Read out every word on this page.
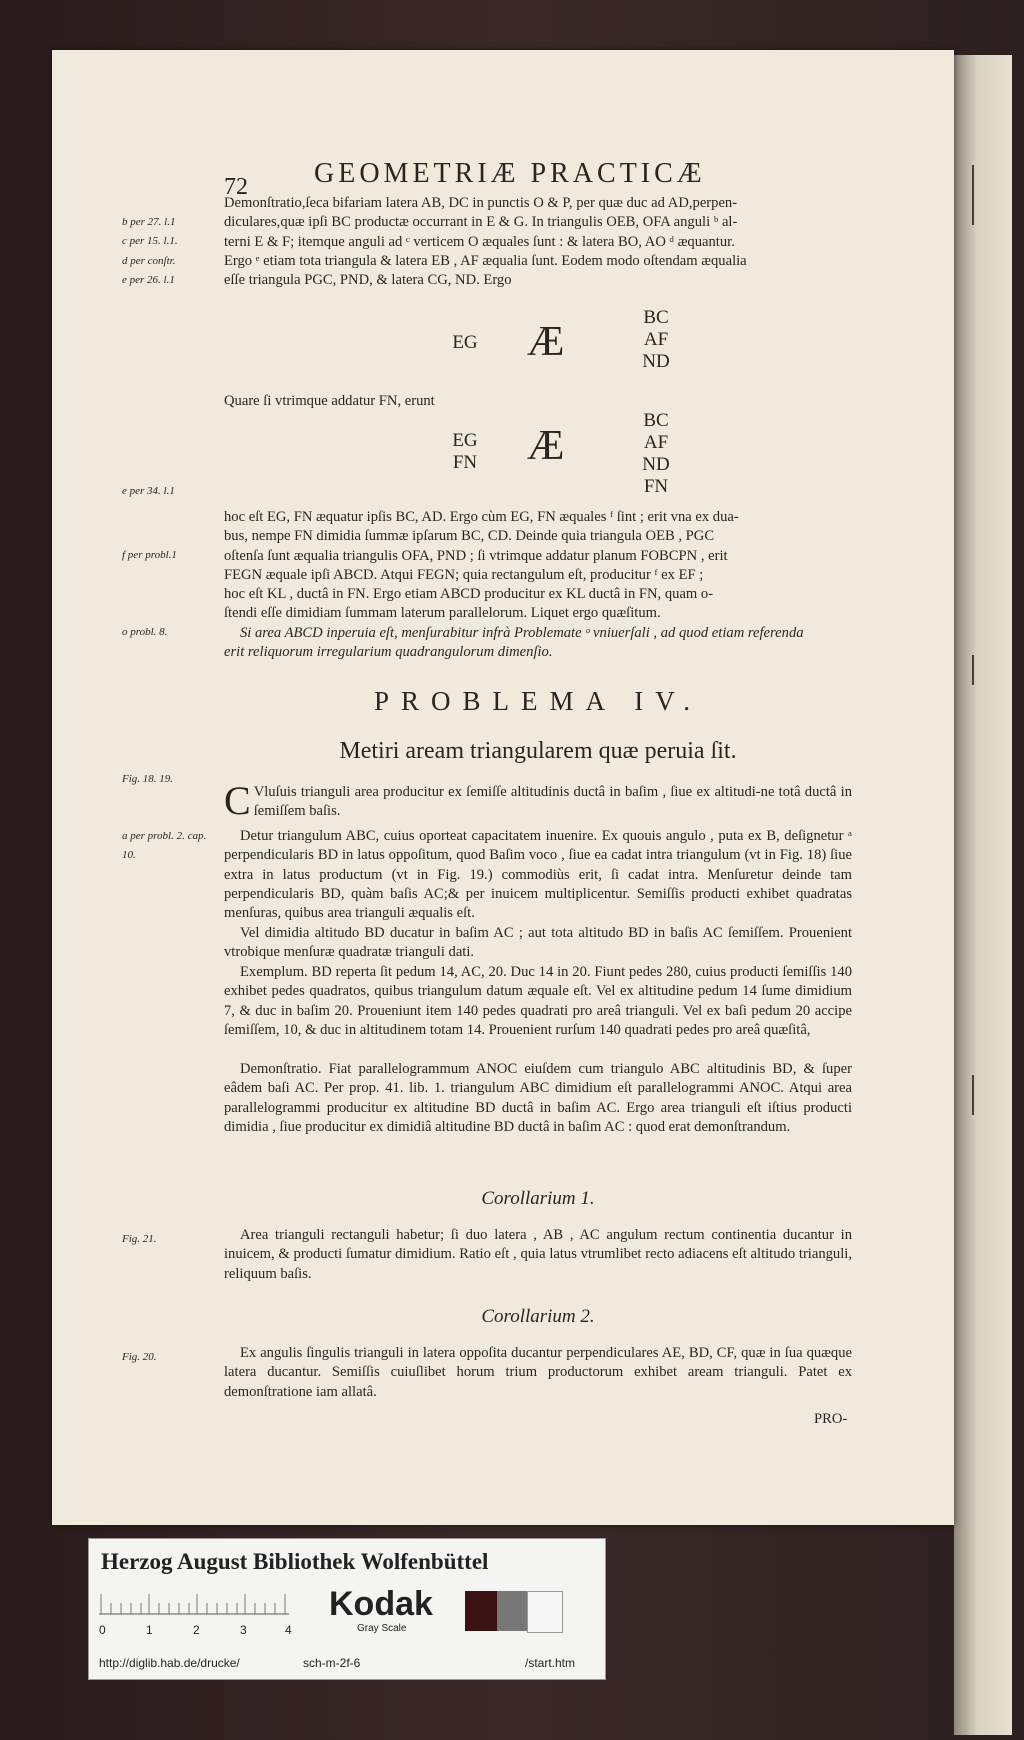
72 GEOMETRIÆ PRACTICÆ
Demonſtratio,ſeca bifariam latera AB, DC in punctis O & P, per quæ duc ad AD,perpen-
diculares,quæ ipſi BC productæ occurrant in E & G. In triangulis OEB, OFA anguli ᵇ al-
terni E & F; itemque anguli ad ᶜ verticem O æquales ſunt : & latera BO, AO ᵈ æquantur.
Ergo ᵉ etiam tota triangula & latera EB , AF æqualia ſunt. Eodem modo oſtendam æqualia
eſſe triangula PGC, PND, & latera CG, ND. Ergo
b per 27. l.1
c per 15. l.1.
d per conſtr.
e per 26. l.1
EG Æ
BC
AF
ND
Quare ſi vtrimque addatur FN, erunt
EG
FN Æ
BC
AF
ND
FN
e per 34. l.1
hoc eſt EG, FN æquatur ipſis BC, AD. Ergo cùm EG, FN æquales ᶠ ſint ; erit vna ex dua-
bus, nempe FN dimidia ſummæ ipſarum BC, CD. Deinde quia triangula OEB , PGC
oſtenſa ſunt æqualia triangulis OFA, PND ; ſi vtrimque addatur planum FOBCPN , erit
FEGN æquale ipſi ABCD. Atqui FEGN; quia rectangulum eſt, producitur ᶠ ex EF ;
hoc eſt KL , ductâ in FN. Ergo etiam ABCD producitur ex KL ductâ in FN, quam o-
ſtendi eſſe dimidiam ſummam laterum parallelorum. Liquet ergo quæſitum.
Si area ABCD inperuia eſt, menſurabitur infrà Problemate ᵒ vniuerſali , ad quod etiam referenda
erit reliquorum irregularium quadrangulorum dimenſio.
f per probl.1
o probl. 8.
PROBLEMA IV.
Metiri aream triangularem quæ peruia ſit.
Fig. 18. 19. C Vluſuis trianguli area producitur ex ſemiſſe altitudinis ductâ in baſim , ſiue ex altitudi-ne totâ ductâ in ſemiſſem baſis.
a per probl. 2. cap. 10.
Detur triangulum ABC, cuius oporteat capacitatem inuenire. Ex quouis angulo , puta ex B, deſignetur ᵃ perpendicularis BD in latus oppoſitum, quod Baſim voco , ſiue ea cadat intra triangulum (vt in Fig. 18) ſiue extra in latus productum (vt in Fig. 19.) commodiùs erit, ſi cadat intra. Menſuretur deinde tam perpendicularis BD, quàm baſis AC;& per inuicem multiplicentur. Semiſſis producti exhibet quadratas menſuras, quibus area trianguli æqualis eſt.
Vel dimidia altitudo BD ducatur in baſim AC ; aut tota altitudo BD in baſis AC ſemiſſem. Prouenient vtrobique menſuræ quadratæ trianguli dati.
Exemplum. BD reperta ſit pedum 14, AC, 20. Duc 14 in 20. Fiunt pedes 280, cuius producti ſemiſſis 140 exhibet pedes quadratos, quibus triangulum datum æquale eſt. Vel ex altitudine pedum 14 ſume dimidium 7, & duc in baſim 20. Proueniunt item 140 pedes quadrati pro areâ trianguli. Vel ex baſi pedum 20 accipe ſemiſſem, 10, & duc in altitudinem totam 14. Prouenient rurſum 140 quadrati pedes pro areâ quæſitâ,
Demonſtratio. Fiat parallelogrammum ANOC eiuſdem cum triangulo ABC altitudinis BD, & ſuper eâdem baſi AC. Per prop. 41. lib. 1. triangulum ABC dimidium eſt parallelogrammi ANOC. Atqui area parallelogrammi producitur ex altitudine BD ductâ in baſim AC. Ergo area trianguli eſt iſtius producti dimidia , ſiue producitur ex dimidiâ altitudine BD ductâ in baſim AC : quod erat demonſtrandum.
Corollarium 1.
Fig. 21.	Area trianguli rectanguli habetur; ſi duo latera , AB , AC angulum rectum continentia ducantur in inuicem, & producti ſumatur dimidium. Ratio eſt , quia latus vtrumlibet recto adiacens eſt altitudo trianguli, reliquum baſis.
Corollarium 2.
Fig. 20.	Ex angulis ſingulis trianguli in latera oppoſita ducantur perpendiculares AE, BD, CF, quæ in ſua quæque latera ducantur. Semiſſis cuiuſlibet horum trium productorum exhibet aream trianguli. Patet ex demonſtratione iam allatâ.
PRO-
Herzog August Bibliothek Wolfenbüttel
0	1	2	3	4
Kodak
Gray Scale
http://diglib.hab.de/drucke/	sch-m-2f-6	/start.htm
